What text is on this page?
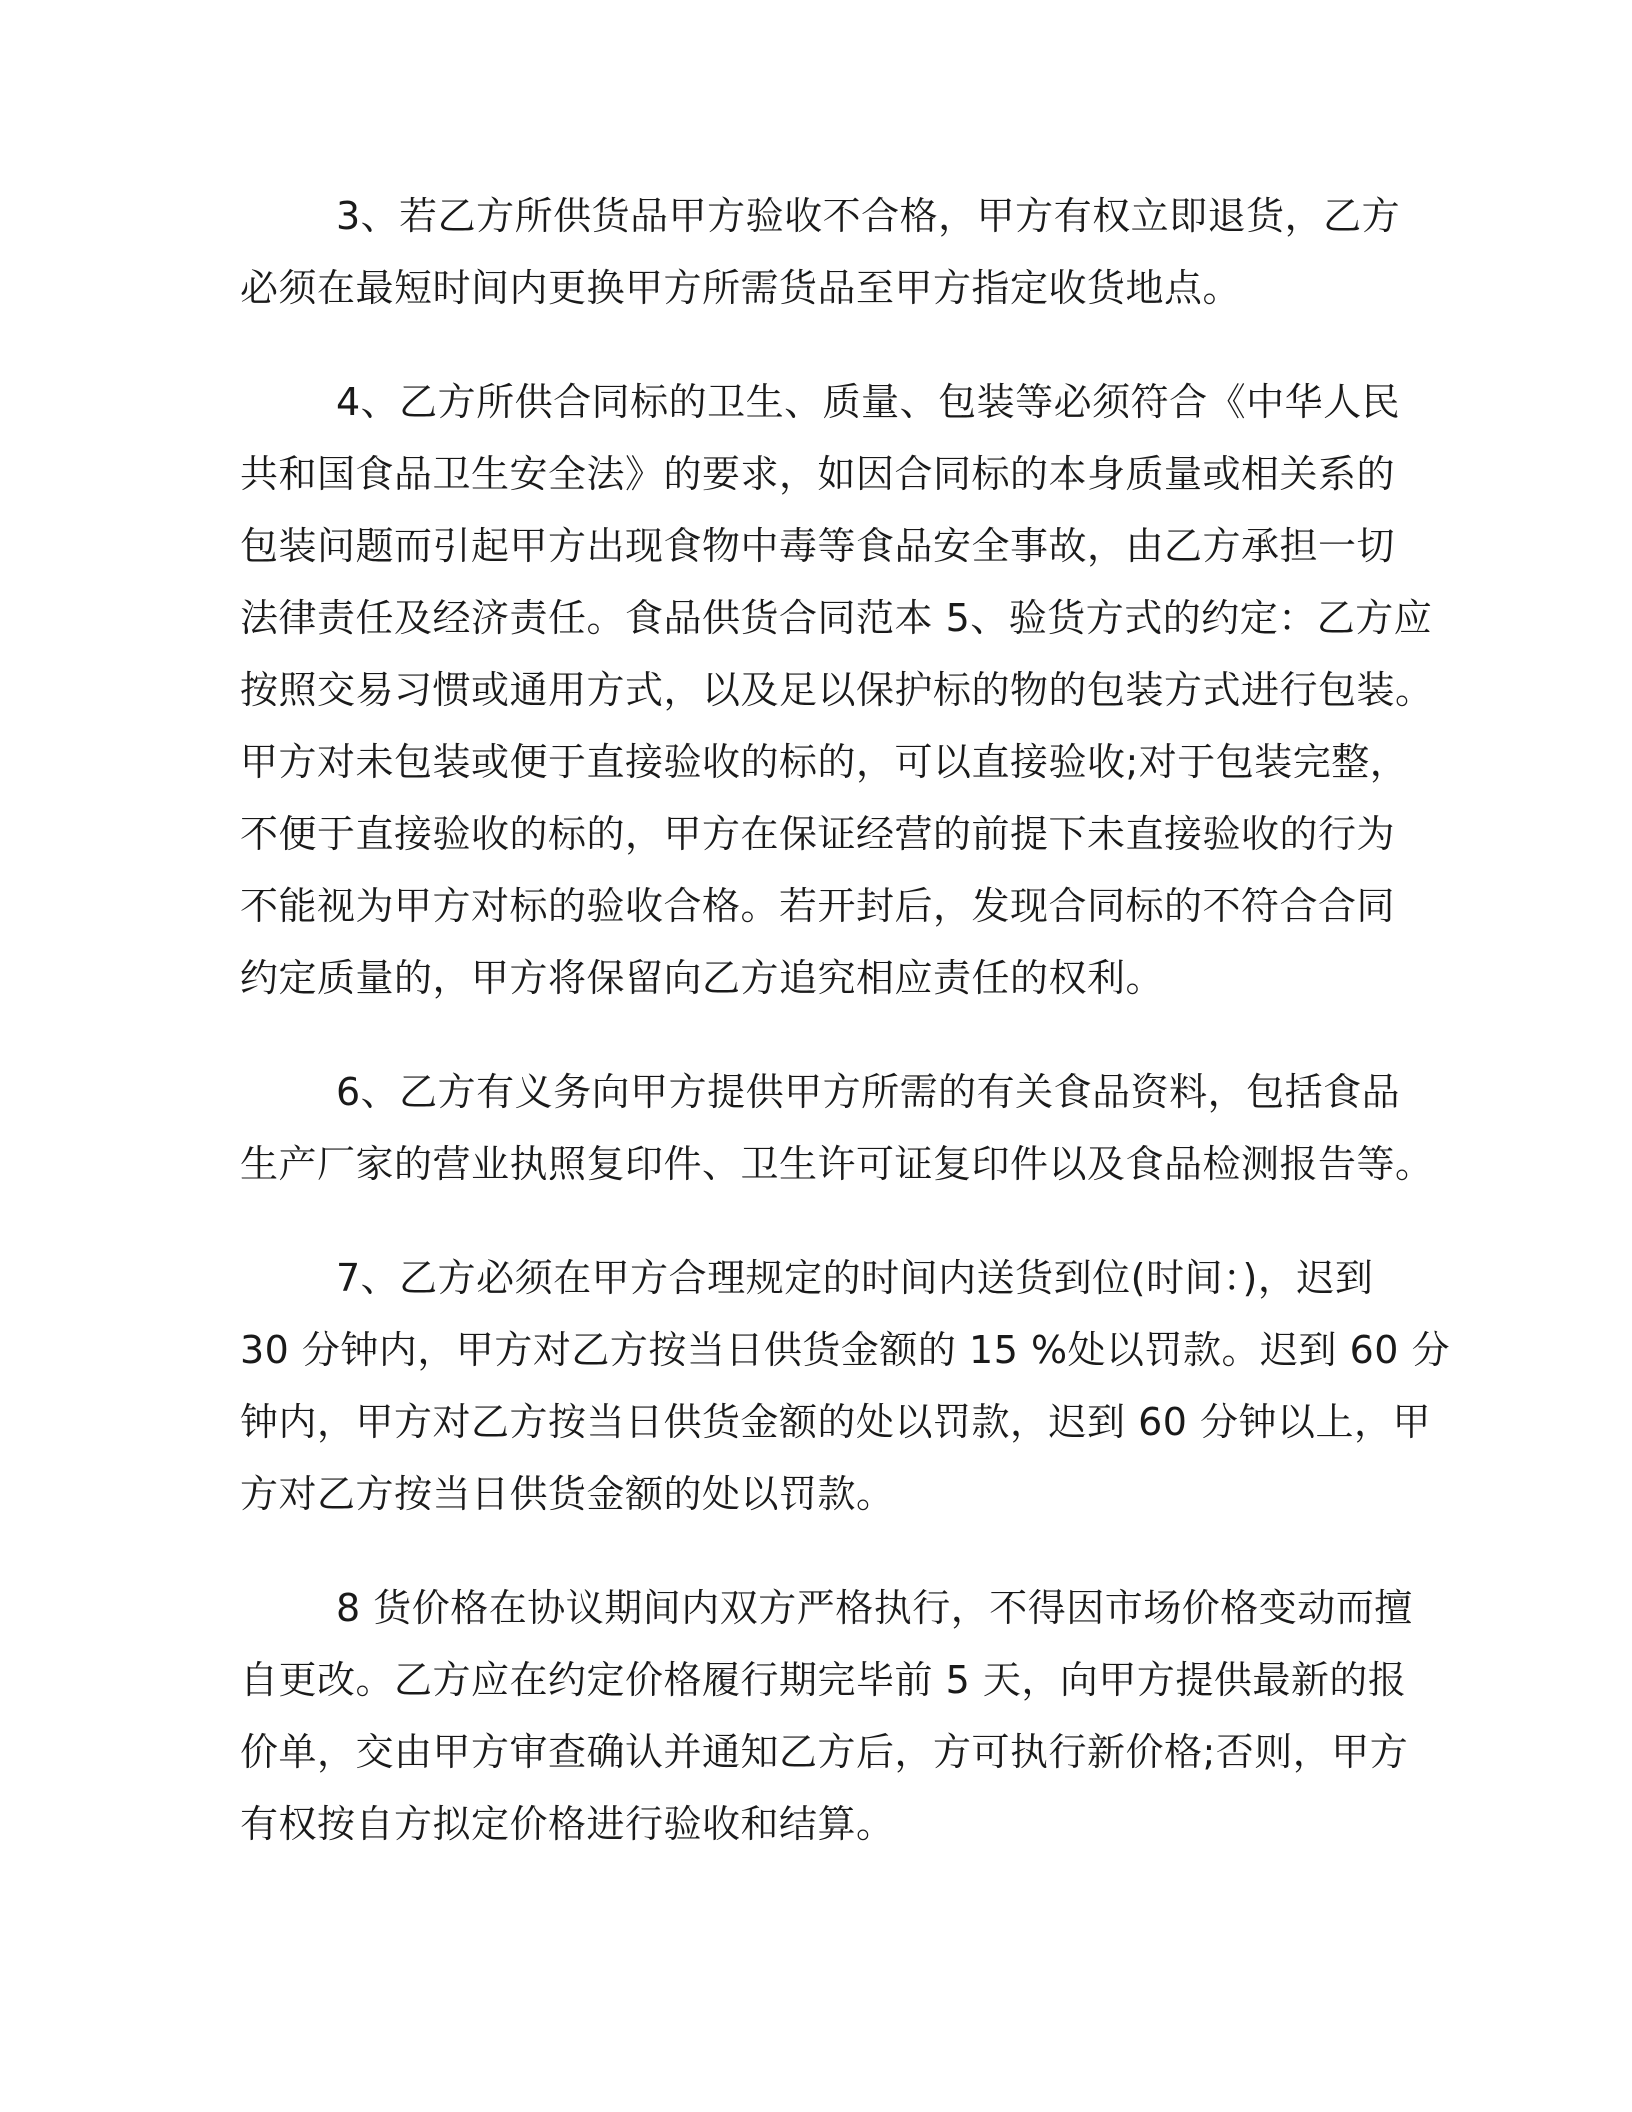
3、若乙方所供货品甲方验收不合格，甲方有权立即退货，乙方
必须在最短时间内更换甲方所需货品至甲方指定收货地点。
4、乙方所供合同标的卫生、质量、包装等必须符合《中华人民
共和国食品卫生安全法》的要求，如因合同标的本身质量或相关系的
包装问题而引起甲方出现食物中毒等食品安全事故，由乙方承担一切
法律责任及经济责任。食品供货合同范本 5、验货方式的约定：乙方应
按照交易习惯或通用方式，以及足以保护标的物的包装方式进行包装。
甲方对未包装或便于直接验收的标的，可以直接验收;对于包装完整，
不便于直接验收的标的，甲方在保证经营的前提下未直接验收的行为
不能视为甲方对标的验收合格。若开封后，发现合同标的不符合合同
约定质量的，甲方将保留向乙方追究相应责任的权利。
6、乙方有义务向甲方提供甲方所需的有关食品资料，包括食品
生产厂家的营业执照复印件、卫生许可证复印件以及食品检测报告等。
7、乙方必须在甲方合理规定的时间内送货到位(时间：)，迟到
30 分钟内，甲方对乙方按当日供货金额的 15 %处以罚款。迟到 60 分
钟内，甲方对乙方按当日供货金额的处以罚款，迟到 60 分钟以上，甲
方对乙方按当日供货金额的处以罚款。
8 货价格在协议期间内双方严格执行，不得因市场价格变动而擅
自更改。乙方应在约定价格履行期完毕前 5 天，向甲方提供最新的报
价单，交由甲方审查确认并通知乙方后，方可执行新价格;否则，甲方
有权按自方拟定价格进行验收和结算。
